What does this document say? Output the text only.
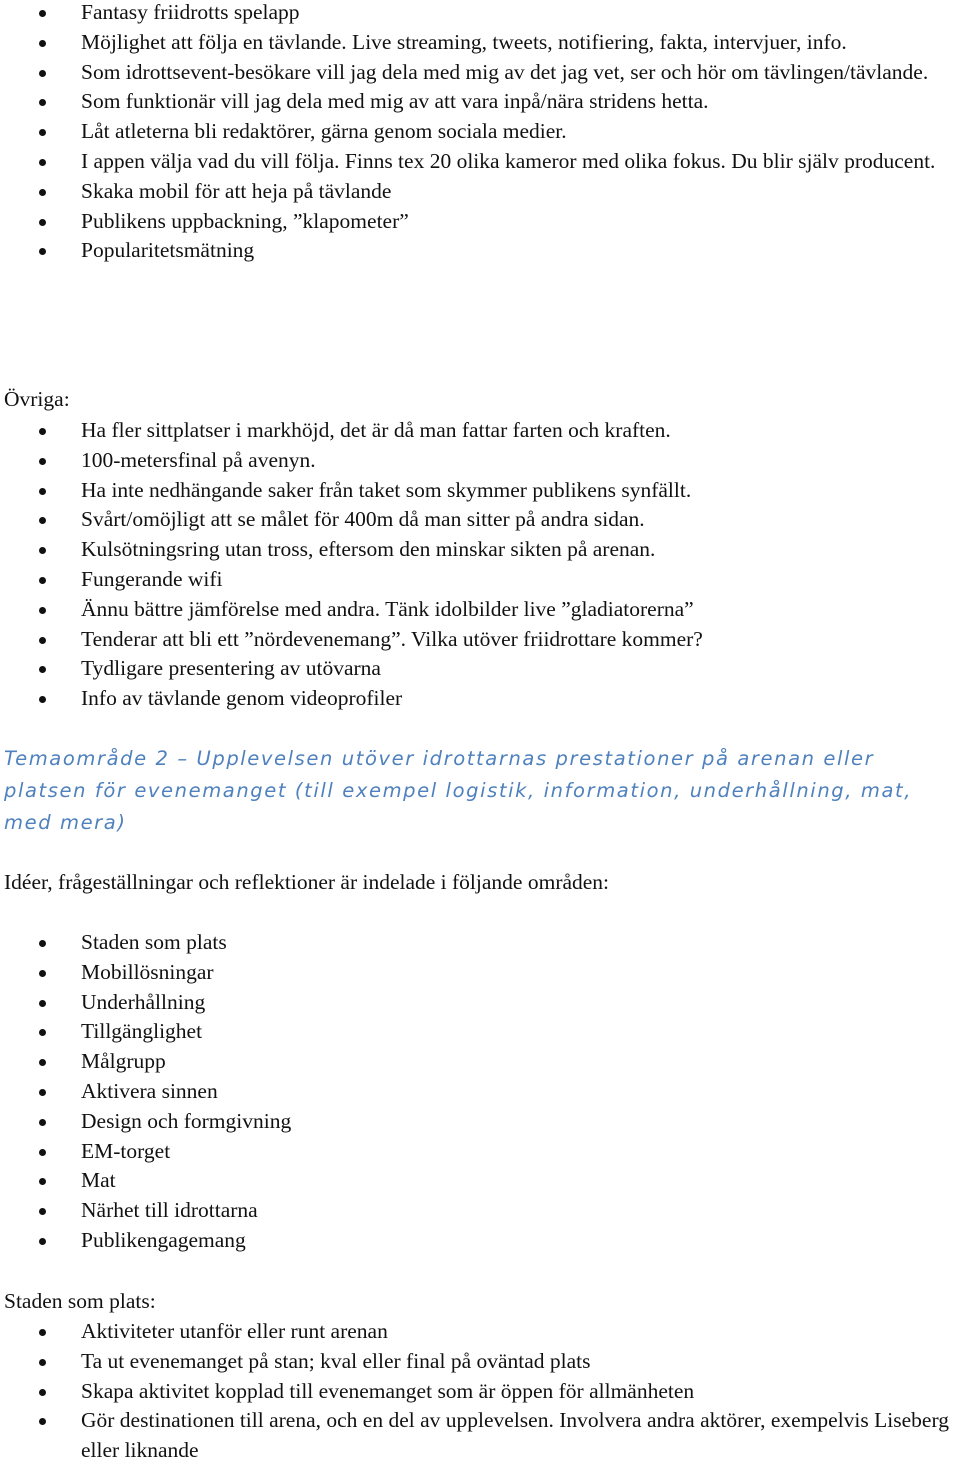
Fantasy friidrotts spelapp
Möjlighet att följa en tävlande. Live streaming, tweets, notifiering, fakta, intervjuer, info.
Som idrottsevent-besökare vill jag dela med mig av det jag vet, ser och hör om tävlingen/tävlande.
Som funktionär vill jag dela med mig av att vara inpå/nära stridens hetta.
Låt atleterna bli redaktörer, gärna genom sociala medier.
I appen välja vad du vill följa. Finns tex 20 olika kameror med olika fokus. Du blir själv producent.
Skaka mobil för att heja på tävlande
Publikens uppbackning, ”klapometer”
Popularitetsmätning
Övriga:
Ha fler sittplatser i markhöjd, det är då man fattar farten och kraften.
100-metersfinal på avenyn.
Ha inte nedhängande saker från taket som skymmer publikens synfällt.
Svårt/omöjligt att se målet för 400m då man sitter på andra sidan.
Kulsötningsring utan tross, eftersom den minskar sikten på arenan.
Fungerande wifi
Ännu bättre jämförelse med andra. Tänk idolbilder live ”gladiatorerna”
Tenderar att bli ett ”nördevenemang”. Vilka utöver friidrottare kommer?
Tydligare presentering av utövarna
Info av tävlande genom videoprofiler
Temaområde 2 – Upplevelsen utöver idrottarnas prestationer på arenan eller platsen för evenemanget (till exempel logistik, information, underhållning, mat, med mera)
Idéer, frågeställningar och reflektioner är indelade i följande områden:
Staden som plats
Mobillösningar
Underhållning
Tillgänglighet
Målgrupp
Aktivera sinnen
Design och formgivning
EM-torget
Mat
Närhet till idrottarna
Publikengagemang
Staden som plats:
Aktiviteter utanför eller runt arenan
Ta ut evenemanget på stan; kval eller final på oväntad plats
Skapa aktivitet kopplad till evenemanget som är öppen för allmänheten
Gör destinationen till arena, och en del av upplevelsen. Involvera andra aktörer, exempelvis Liseberg eller liknande
